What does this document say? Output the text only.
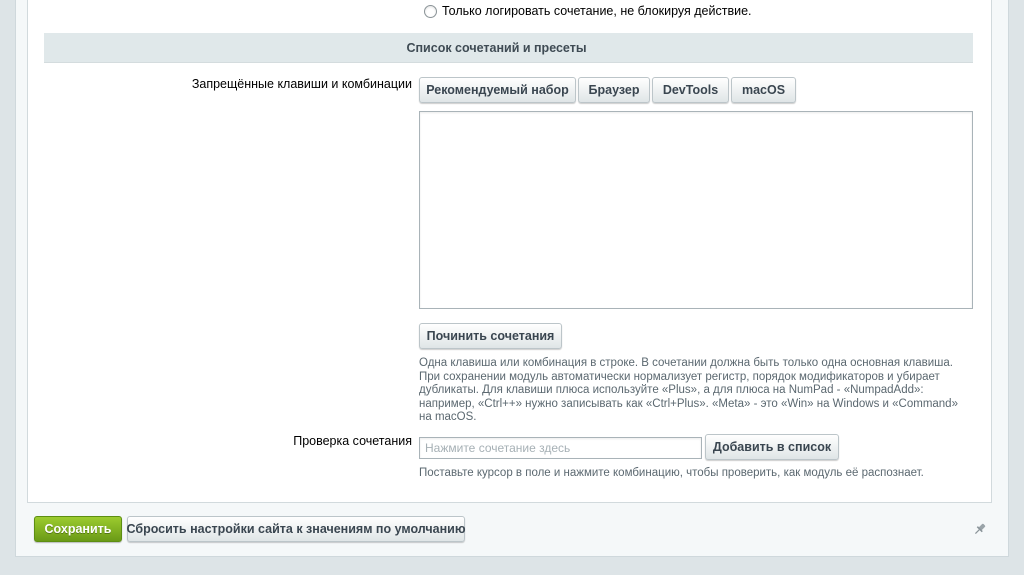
Только логировать сочетание, не блокируя действие.
Список сочетаний и пресеты
Запрещённые клавиши и комбинации	Рекомендуемый набор	Браузер	DevTools	macOS
Починить сочетания
Одна клавиша или комбинация в строке. В сочетании должна быть только одна основная клавиша.
При сохранении модуль автоматически нормализует регистр, порядок модификаторов и убирает
дубликаты. Для клавиши плюса используйте «Plus», а для плюса на NumPad - «NumpadAdd»:
например, «Ctrl++» нужно записывать как «Ctrl+Plus». «Meta» - это «Win» на Windows и «Command»
на macOS.
Проверка сочетания
Нажмите сочетание здесь	Добавить в список
Поставьте курсор в поле и нажмите комбинацию, чтобы проверить, как модуль её распознает.
Сохранить	Сбросить настройки сайта к значениям по умолчанию
